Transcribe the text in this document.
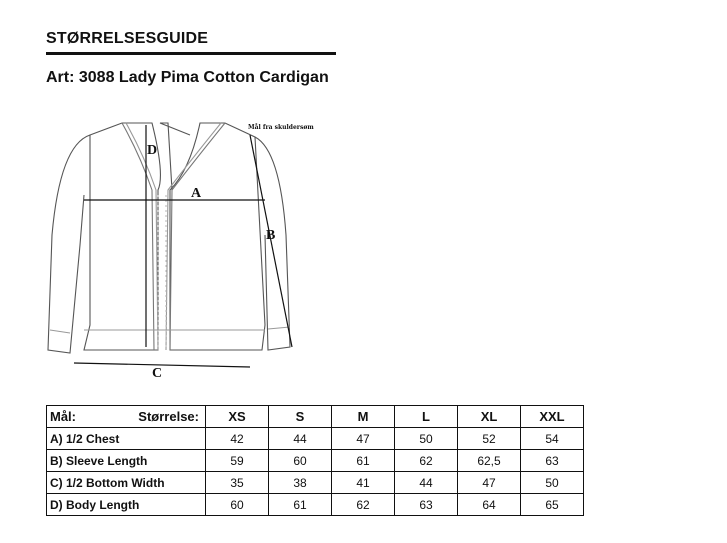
STØRRELSESGUIDE
Art: 3088 Lady Pima Cotton Cardigan
Mål fra skuldersøm
D
A
B
C
Mål: Størrelse:	XS	S	M	L	XL	XXL
A) 1/2 Chest	42	44	47	50	52	54
B) Sleeve Length	59	60	61	62	62,5	63
C) 1/2 Bottom Width	35	38	41	44	47	50
D) Body Length	60	61	62	63	64	65
